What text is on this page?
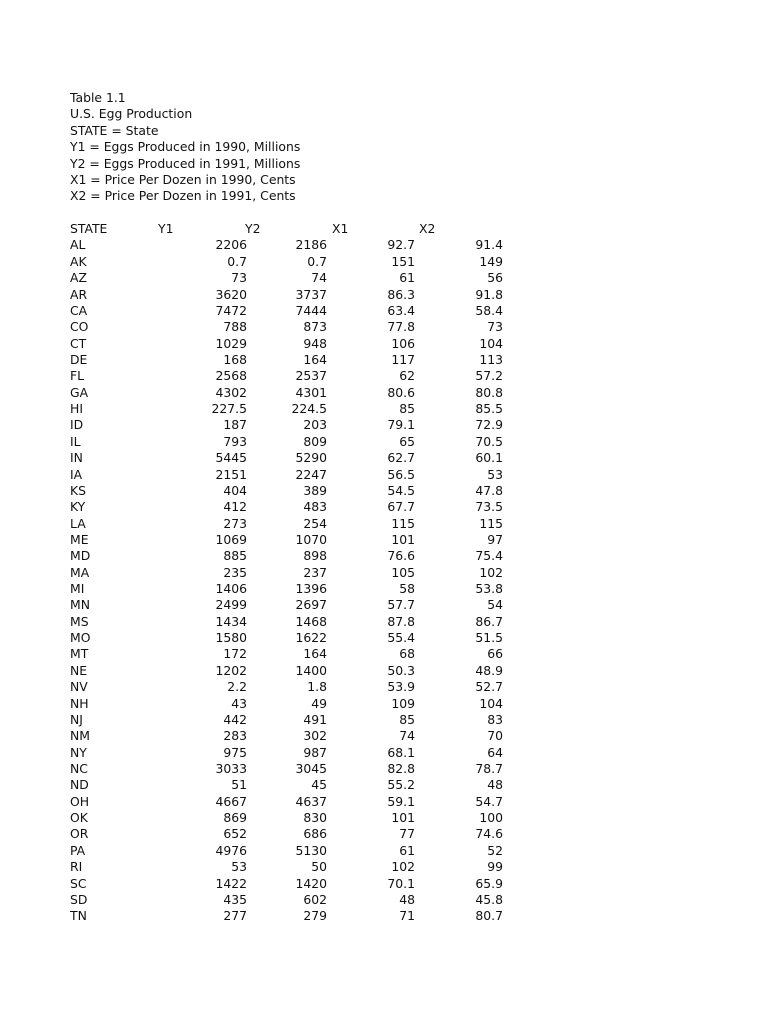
Table 1.1
U.S. Egg Production
STATE = State
Y1 = Eggs Produced in 1990, Millions
Y2 = Eggs Produced in 1991, Millions
X1 = Price Per Dozen in 1990, Cents
X2 = Price Per Dozen in 1991, Cents
STATE	Y1	Y2	X1	X2
AL	2206	2186	92.7	91.4
AK	0.7	0.7	151	149
AZ	73	74	61	56
AR	3620	3737	86.3	91.8
CA	7472	7444	63.4	58.4
CO	788	873	77.8	73
CT	1029	948	106	104
DE	168	164	117	113
FL	2568	2537	62	57.2
GA	4302	4301	80.6	80.8
HI	227.5	224.5	85	85.5
ID	187	203	79.1	72.9
IL	793	809	65	70.5
IN	5445	5290	62.7	60.1
IA	2151	2247	56.5	53
KS	404	389	54.5	47.8
KY	412	483	67.7	73.5
LA	273	254	115	115
ME	1069	1070	101	97
MD	885	898	76.6	75.4
MA	235	237	105	102
MI	1406	1396	58	53.8
MN	2499	2697	57.7	54
MS	1434	1468	87.8	86.7
MO	1580	1622	55.4	51.5
MT	172	164	68	66
NE	1202	1400	50.3	48.9
NV	2.2	1.8	53.9	52.7
NH	43	49	109	104
NJ	442	491	85	83
NM	283	302	74	70
NY	975	987	68.1	64
NC	3033	3045	82.8	78.7
ND	51	45	55.2	48
OH	4667	4637	59.1	54.7
OK	869	830	101	100
OR	652	686	77	74.6
PA	4976	5130	61	52
RI	53	50	102	99
SC	1422	1420	70.1	65.9
SD	435	602	48	45.8
TN	277	279	71	80.7
